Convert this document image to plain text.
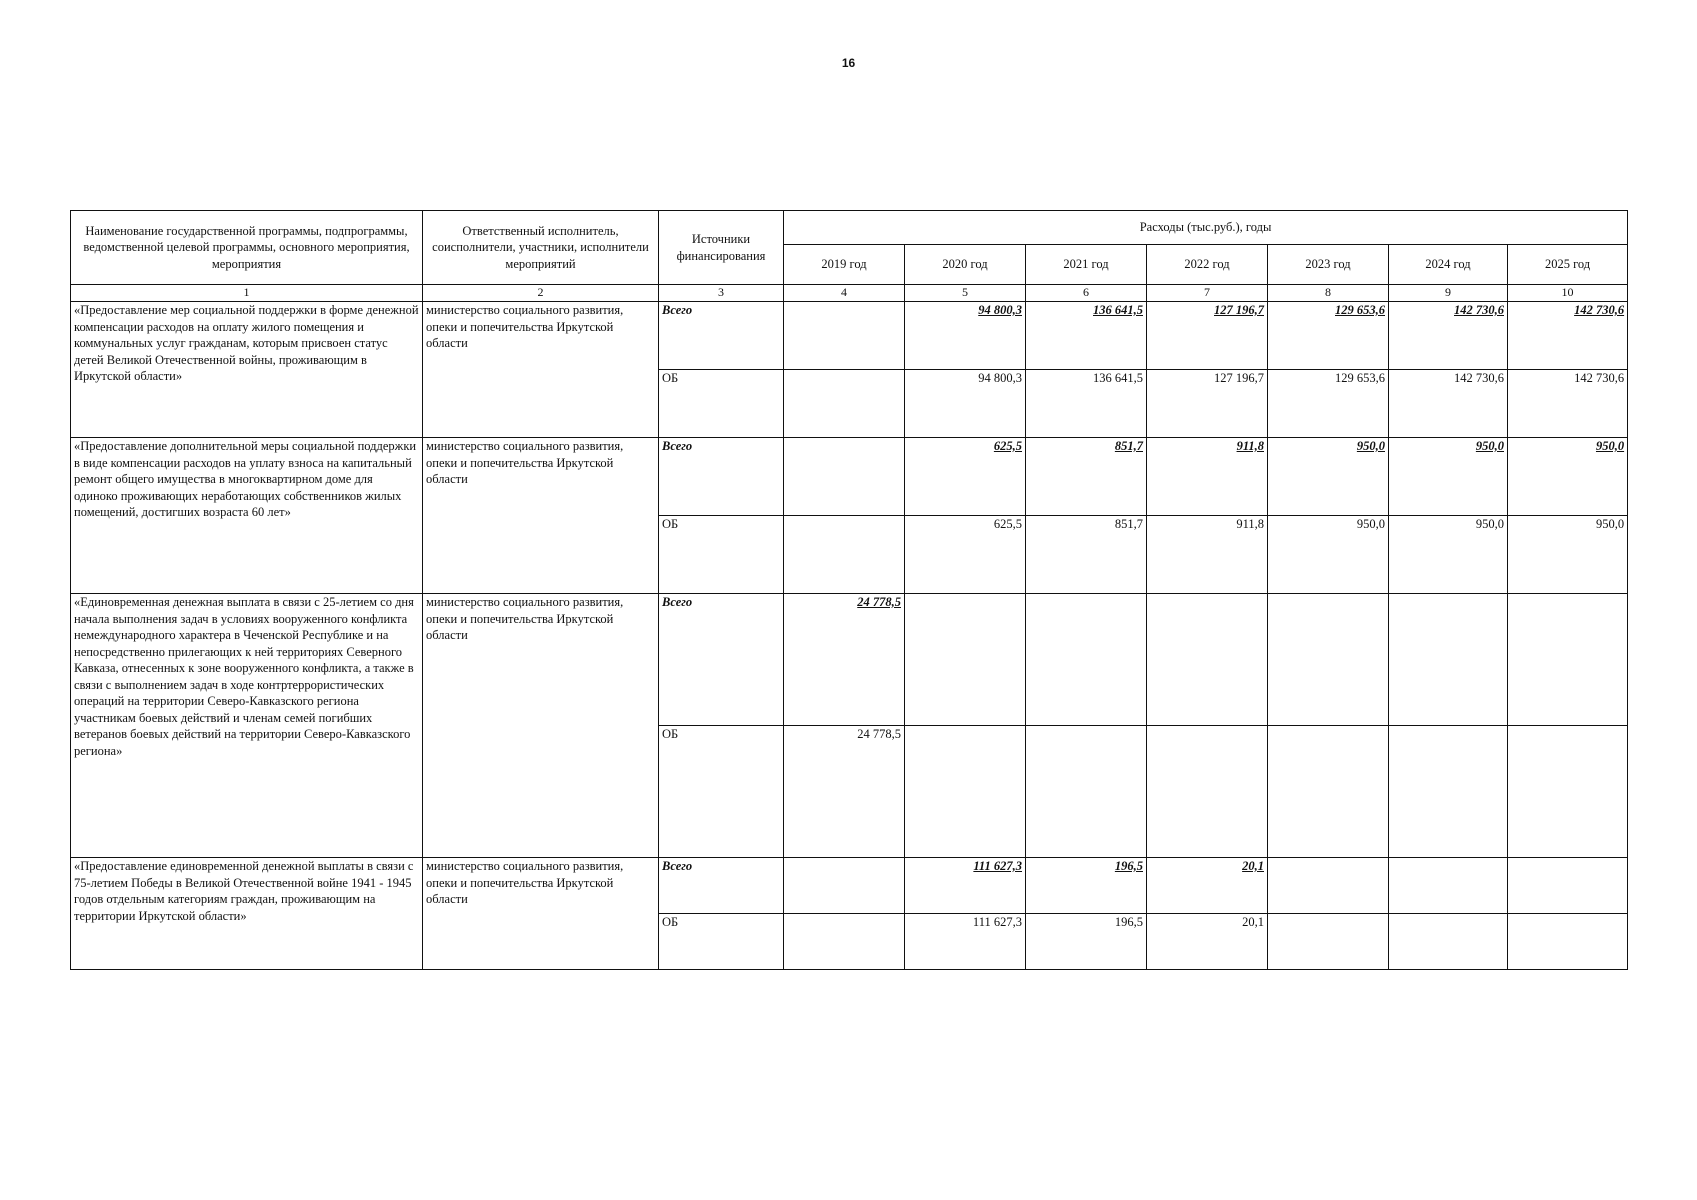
16
Наименование государственной программы, подпрограммы, ведомственной целевой программы, основного мероприятия, мероприятия	Ответственный исполнитель, соисполнители, участники, исполнители мероприятий	Источники финансирования	Расходы (тыс.руб.), годы						
			2019 год	2020 год	2021 год	2022 год	2023 год	2024 год	2025 год
1	2	3	4	5	6	7	8	9	10
«Предоставление мер социальной поддержки в форме денежной компенсации расходов на оплату жилого помещения и коммунальных услуг гражданам, которым присвоен статус детей Великой Отечественной войны, проживающим в Иркутской области»	министерство социального развития, опеки и попечительства Иркутской области	Всего		94 800,3	136 641,5	127 196,7	129 653,6	142 730,6	142 730,6
		ОБ		94 800,3	136 641,5	127 196,7	129 653,6	142 730,6	142 730,6
«Предоставление дополнительной меры социальной поддержки в виде компенсации расходов на уплату взноса на капитальный ремонт общего имущества в многоквартирном доме для одиноко проживающих неработающих собственников жилых помещений, достигших возраста 60 лет»	министерство социального развития, опеки и попечительства Иркутской области	Всего		625,5	851,7	911,8	950,0	950,0	950,0
		ОБ		625,5	851,7	911,8	950,0	950,0	950,0
«Единовременная денежная выплата в связи с 25-летием со дня начала выполнения задач в условиях вооруженного конфликта немеждународного характера в Чеченской Республике и на непосредственно прилегающих к ней территориях Северного Кавказа, отнесенных к зоне вооруженного конфликта, а также в связи с выполнением задач в ходе контртеррористических операций на территории Северо-Кавказского региона участникам боевых действий и членам семей погибших ветеранов боевых действий на территории Северо-Кавказского региона»	министерство социального развития, опеки и попечительства Иркутской области	Всего	24 778,5						
		ОБ	24 778,5						
«Предоставление единовременной денежной выплаты в связи с 75-летием Победы в Великой Отечественной войне 1941 - 1945 годов отдельным категориям граждан, проживающим на территории Иркутской области»	министерство социального развития, опеки и попечительства Иркутской области	Всего		111 627,3	196,5	20,1			
		ОБ		111 627,3	196,5	20,1			
